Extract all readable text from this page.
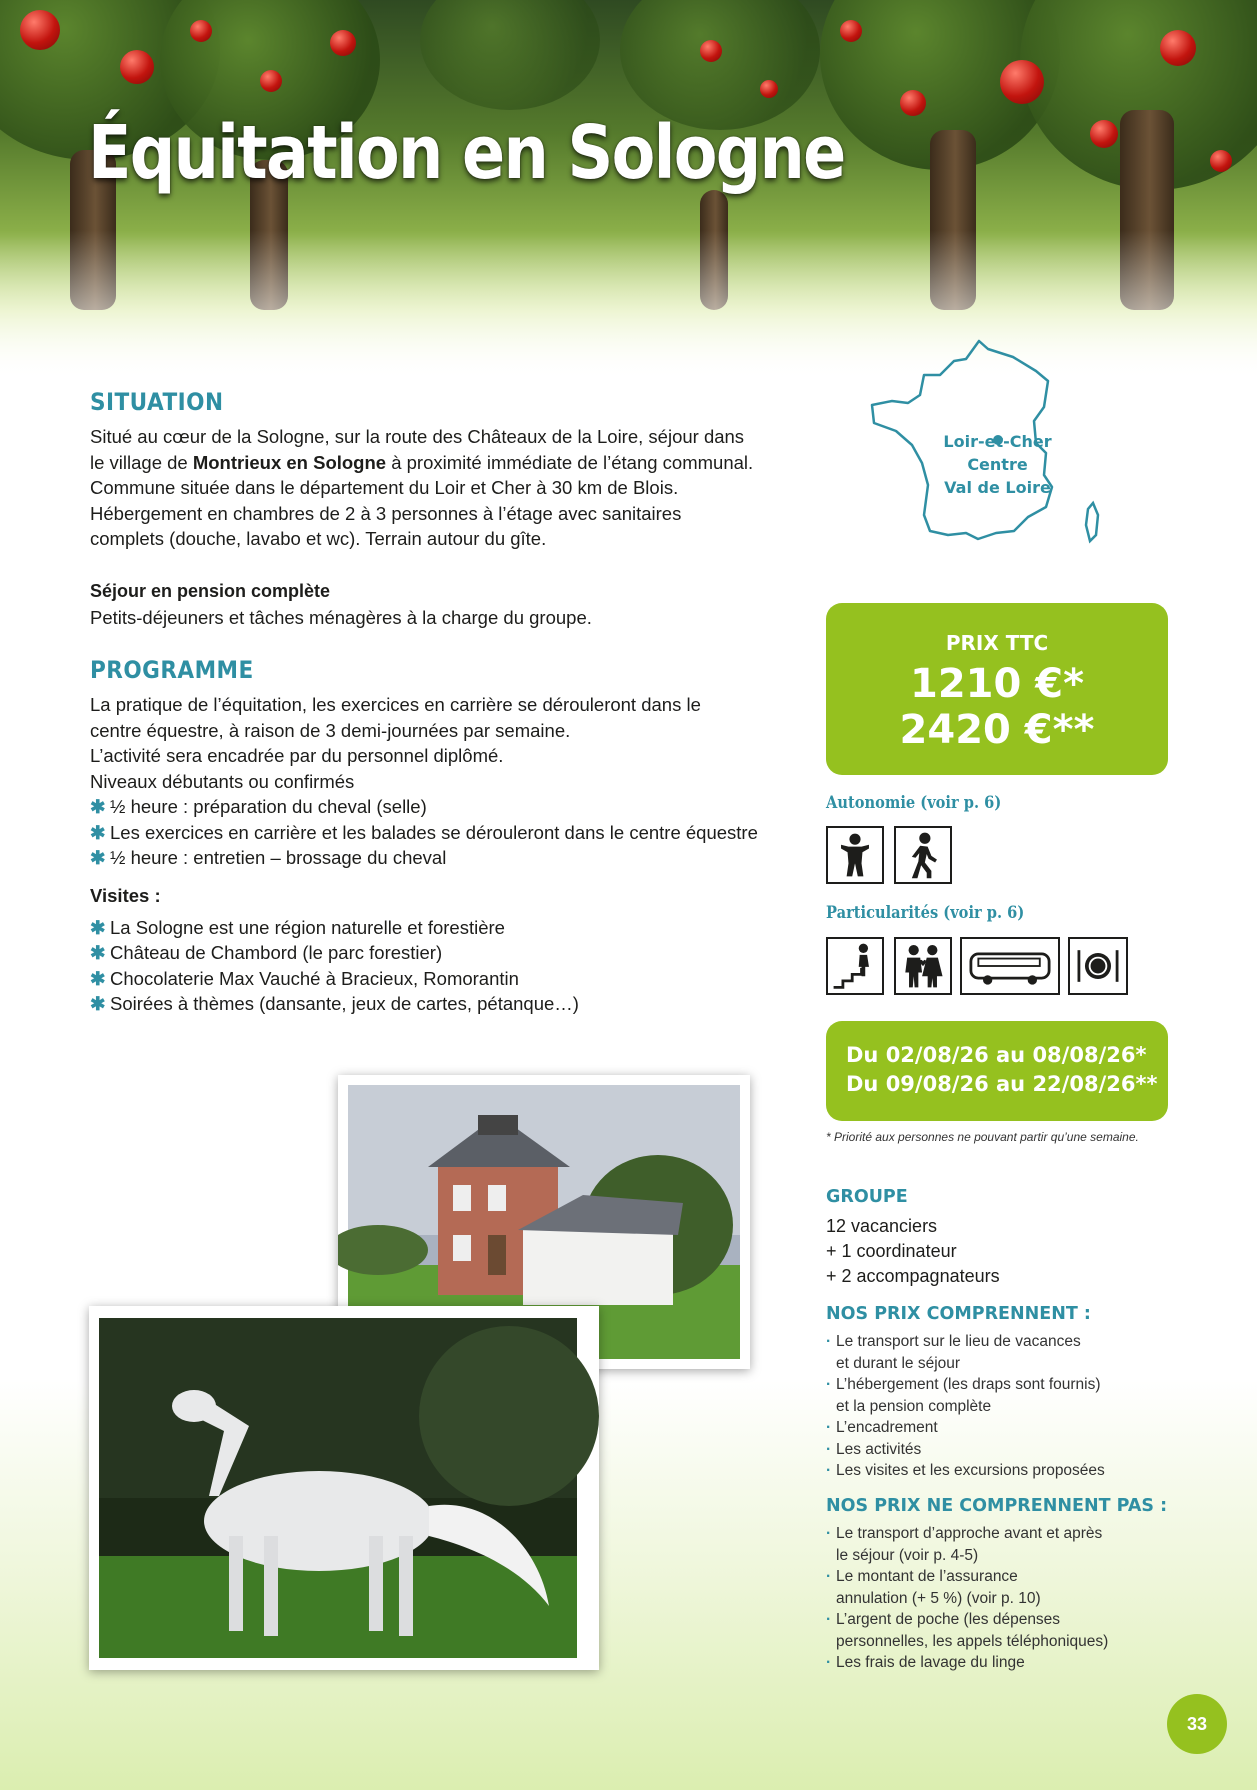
Équitation en Sologne
SITUATION

Situé au cœur de la Sologne, sur la route des Châteaux de la Loire, séjour dans

le village de Montrieux en Sologne à proximité immédiate de l’étang communal.

Commune située dans le département du Loir et Cher à 30 km de Blois.

Hébergement en chambres de 2 à 3 personnes à l’étage avec sanitaires

complets (douche, lavabo et wc). Terrain autour du gîte.

Séjour en pension complète

Petits-déjeuners et tâches ménagères à la charge du groupe.

PROGRAMME

La pratique de l’équitation, les exercices en carrière se dérouleront dans le

centre équestre, à raison de 3 demi-journées par semaine.

L’activité sera encadrée par du personnel diplômé.

Niveaux débutants ou confirmés

✱ ½ heure : préparation du cheval (selle)
✱ Les exercices en carrière et les balades se dérouleront dans le centre équestre
✱ ½ heure : entretien – brossage du cheval

Visites :

✱ La Sologne est une région naturelle et forestière
✱ Château de Chambord (le parc forestier)
✱ Chocolaterie Max Vauché à Bracieux, Romorantin
✱ Soirées à thèmes (dansante, jeux de cartes, pétanque…)
Loir-et-Cher
Centre
Val de Loire
PRIX TTC
1210 €*
2420 €**
Autonomie (voir p. 6)
Particularités (voir p. 6)
Du 02/08/26 au 08/08/26*
Du 09/08/26 au 22/08/26**
* Priorité aux personnes ne pouvant partir qu’une semaine.
GROUPE
12 vacanciers
+ 1 coordinateur
+ 2 accompagnateurs
NOS PRIX COMPRENNENT :
· Le transport sur le lieu de vacances
et durant le séjour
· L’hébergement (les draps sont fournis)
et la pension complète
· L’encadrement
· Les activités
· Les visites et les excursions proposées
NOS PRIX NE COMPRENNENT PAS :
· Le transport d’approche avant et après
le séjour (voir p. 4-5)
· Le montant de l’assurance
annulation (+ 5 %) (voir p. 10)
· L’argent de poche (les dépenses
personnelles, les appels téléphoniques)
· Les frais de lavage du linge
33
